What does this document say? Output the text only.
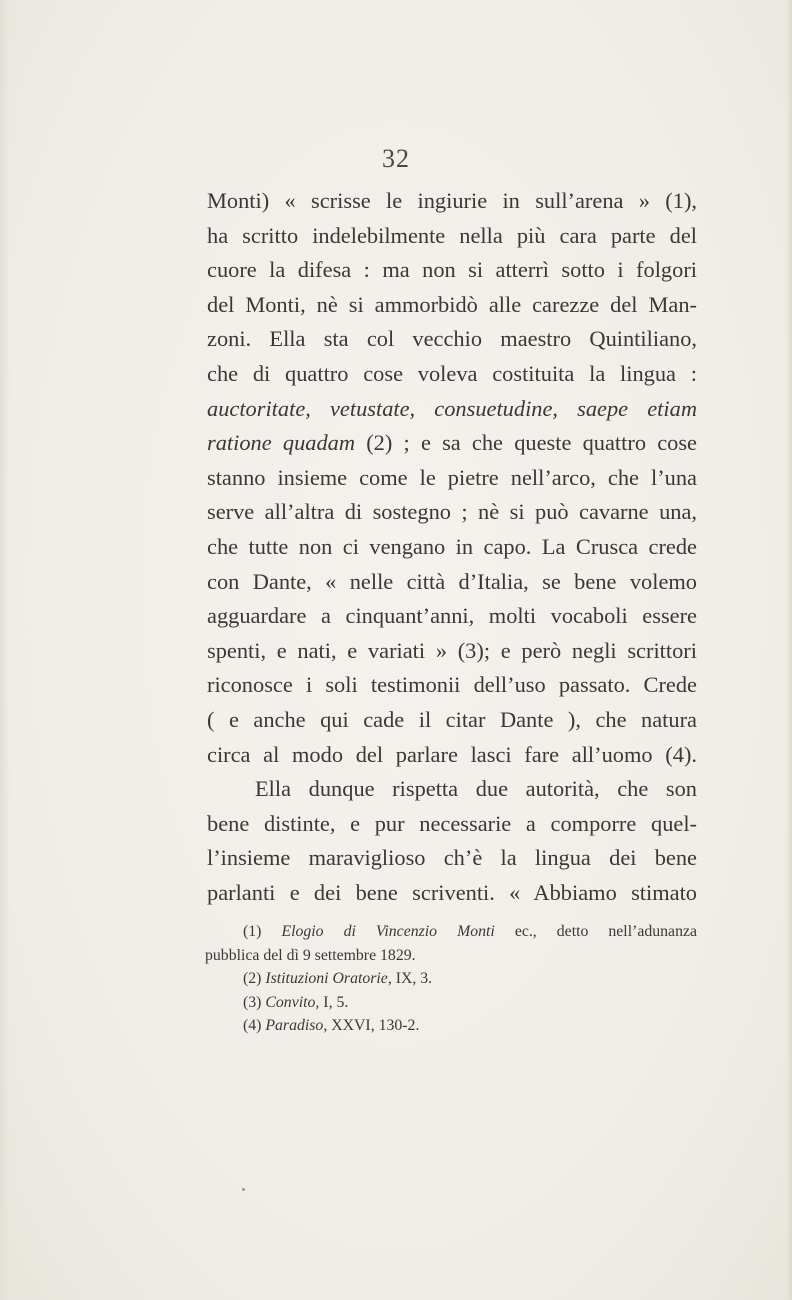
32
Monti) « scrisse le ingiurie in sull’arena » (1),
ha scritto indelebilmente nella più cara parte del
cuore la difesa : ma non si atterrì sotto i folgori
del Monti, nè si ammorbidò alle carezze del Man-
zoni. Ella sta col vecchio maestro Quintiliano,
che di quattro cose voleva costituita la lingua :
auctoritate, vetustate, consuetudine, saepe etiam
ratione quadam (2) ; e sa che queste quattro cose
stanno insieme come le pietre nell’arco, che l’una
serve all’altra di sostegno ; nè si può cavarne una,
che tutte non ci vengano in capo. La Crusca crede
con Dante, « nelle città d’Italia, se bene volemo
agguardare a cinquant’anni, molti vocaboli essere
spenti, e nati, e variati » (3); e però negli scrittori
riconosce i soli testimonii dell’uso passato. Crede
( e anche qui cade il citar Dante ), che natura
circa al modo del parlare lasci fare all’uomo (4).
Ella dunque rispetta due autorità, che son
bene distinte, e pur necessarie a comporre quel-
l’insieme maraviglioso ch’è la lingua dei bene
parlanti e dei bene scriventi. « Abbiamo stimato
(1) Elogio di Vincenzio Monti ec., detto nell’adunanza
pubblica del dì 9 settembre 1829.
(2) Istituzioni Oratorie, IX, 3.
(3) Convito, I, 5.
(4) Paradiso, XXVI, 130-2.
